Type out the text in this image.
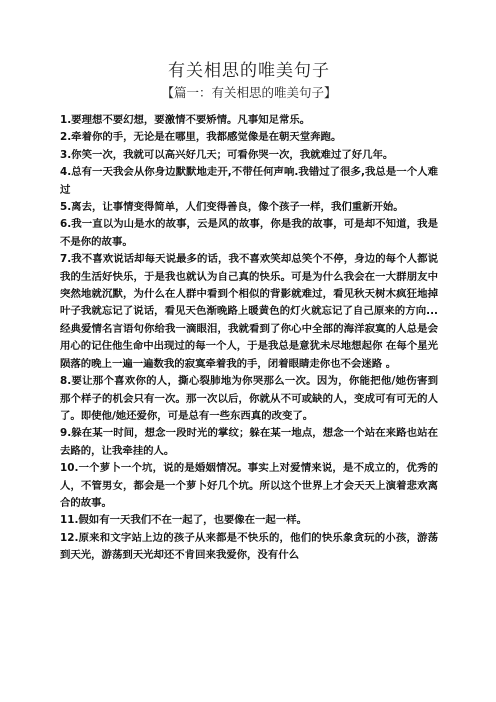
有关相思的唯美句子
【篇一：有关相思的唯美句子】

1.要理想不要幻想，要激情不要矫情。凡事知足常乐。

2.牵着你的手，无论是在哪里，我都感觉像是在朝天堂奔跑。

3.你笑一次，我就可以高兴好几天；可看你哭一次，我就难过了好几年。

4.总有一天我会从你身边默默地走开,不带任何声响.我错过了很多,我总是一个人难过

5.离去，让事情变得简单，人们变得善良，像个孩子一样，我们重新开始。

6.我一直以为山是水的故事，云是风的故事，你是我的故事，可是却不知道，我是不是你的故事。

7.我不喜欢说话却每天说最多的话，我不喜欢笑却总笑个不停，身边的每个人都说我的生活好快乐，于是我也就认为自己真的快乐。可是为什么我会在一大群朋友中突然地就沉默，为什么在人群中看到个相似的背影就难过，看见秋天树木疯狂地掉叶子我就忘记了说话，看见天色渐晚路上暖黄色的灯火就忘记了自己原来的方向...经典爱情名言语句你给我一滴眼泪，我就看到了你心中全部的海洋寂寞的人总是会用心的记住他生命中出现过的每一个人，于是我总是意犹未尽地想起你 在每个星光陨落的晚上一遍一遍数我的寂寞牵着我的手，闭着眼睛走你也不会迷路 。

8.要让那个喜欢你的人，撕心裂肺地为你哭那么一次。因为，你能把他/她伤害到那个样子的机会只有一次。那一次以后，你就从不可或缺的人，变成可有可无的人了。即使他/她还爱你，可是总有一些东西真的改变了。

9.躲在某一时间，想念一段时光的掌纹；躲在某一地点，想念一个站在来路也站在去路的，让我牵挂的人。

10.一个萝卜一个坑，说的是婚姻情况。事实上对爱情来说，是不成立的，优秀的人，不管男女，都会是一个萝卜好几个坑。所以这个世界上才会天天上演着悲欢离合的故事。

11.假如有一天我们不在一起了，也要像在一起一样。

12.原来和文字站上边的孩子从来都是不快乐的，他们的快乐象贪玩的小孩，游荡到天光，游荡到天光却还不肯回来我爱你，没有什么
